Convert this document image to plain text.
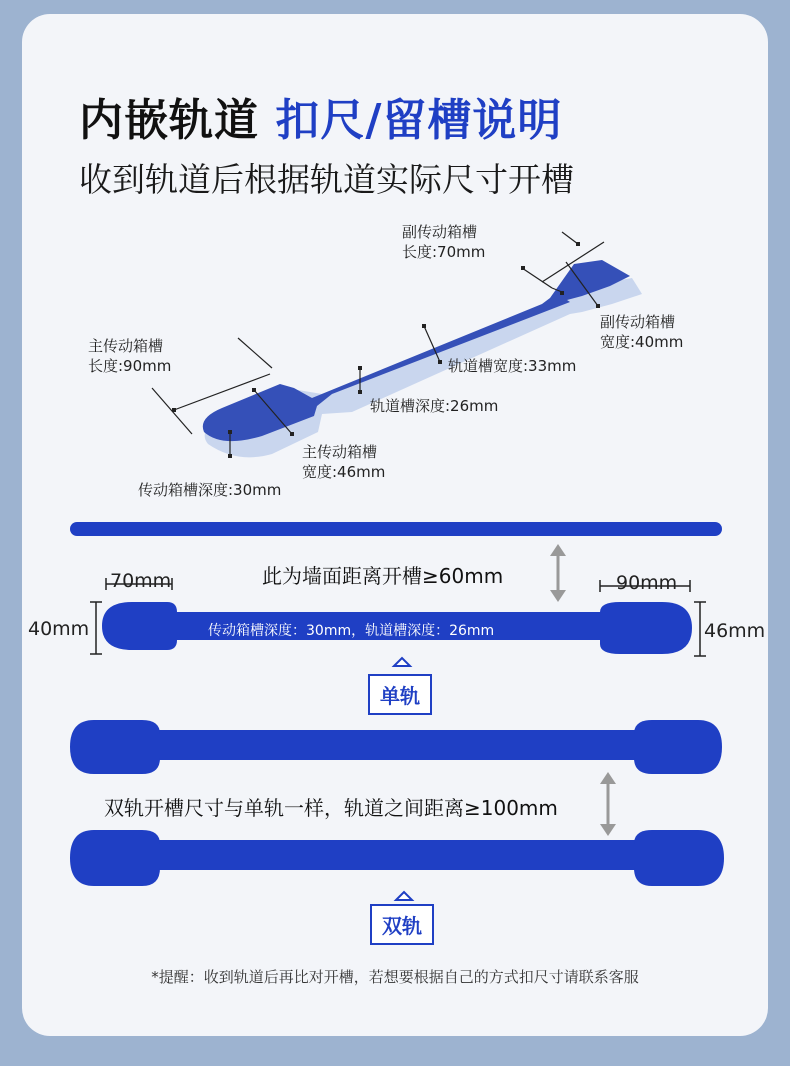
内嵌轨道 扣尺/留槽说明
收到轨道后根据轨道实际尺寸开槽
副传动箱槽
长度:70mm
副传动箱槽
宽度:40mm
主传动箱槽
长度:90mm	轨道槽宽度:33mm
轨道槽深度:26mm
主传动箱槽
宽度:46mm
传动箱槽深度:30mm
此为墙面距离开槽≥60mm
70mm	90mm
40mm	46mm
传动箱槽深度：30mm，轨道槽深度：26mm
单轨
双轨开槽尺寸与单轨一样，轨道之间距离≥100mm
双轨
*提醒：收到轨道后再比对开槽，若想要根据自己的方式扣尺寸请联系客服
